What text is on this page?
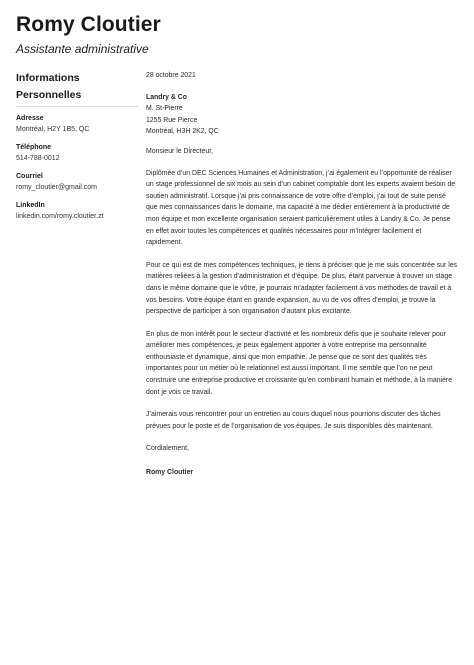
Romy Cloutier
Assistante administrative
Informations
Personnelles
Adresse
Montréal, H2Y 1B5, QC
Téléphone
514-788-0012
Courriel
romy_cloutier@gmail.com
LinkedIn
linkedin.com/romy.cloutier.zt
28 octobre 2021
Landry & Co
M. St-Pierre
1255 Rue Pierce
Montréal, H3H 2K2, QC
Monsieur le Directeur,

Diplômée d’un DEC Sciences Humaines et Administration, j’ai également eu l’opportunité de réaliser un stage professionnel de six mois au sein d’un cabinet comptable dont les experts avaient besoin de soutien administratif. Lorsque j’ai pris connaissance de votre offre d’emploi, j’ai tout de suite pensé que mes connaissances dans le domaine, ma capacité à me dédier entièrement à la productivité de mon équipe et mon excellente organisation seraient particulièrement utiles à Landry & Co. Je pense en effet avoir toutes les compétences et qualités nécessaires pour m’intégrer facilement et rapidement.

Pour ce qui est de mes compétences techniques, je tiens à préciser que je me suis concentrée sur les matières reliées à la gestion d’administration et d’équipe. De plus, étant parvenue à trouver un stage dans le même domaine que le vôtre, je pourrais m’adapter facilement à vos méthodes de travail et à vos besoins. Votre équipe étant en grande expansion, au vu de vos offres d’emploi, je trouve la perspective de participer à son organisation d’autant plus excitante.

En plus de mon intérêt pour le secteur d’activité et les nombreux défis que je souhaite relever pour améliorer mes compétences, je peux également apporter à votre entreprise ma personnalité enthousiaste et dynamique, ainsi que mon empathie. Je pense que ce sont des qualités très importantes pour un métier où le relationnel est aussi important. Il me semble que l’on ne peut construire une entreprise productive et croissante qu’en combinant humain et méthode, à la manière dont je vois ce travail.

J’aimerais vous rencontrer pour un entretien au cours duquel nous pourrions discuter des tâches prévues pour le poste et de l’organisation de vos équipes. Je suis disponibles dès maintenant.

Cordialement,
Romy Cloutier
